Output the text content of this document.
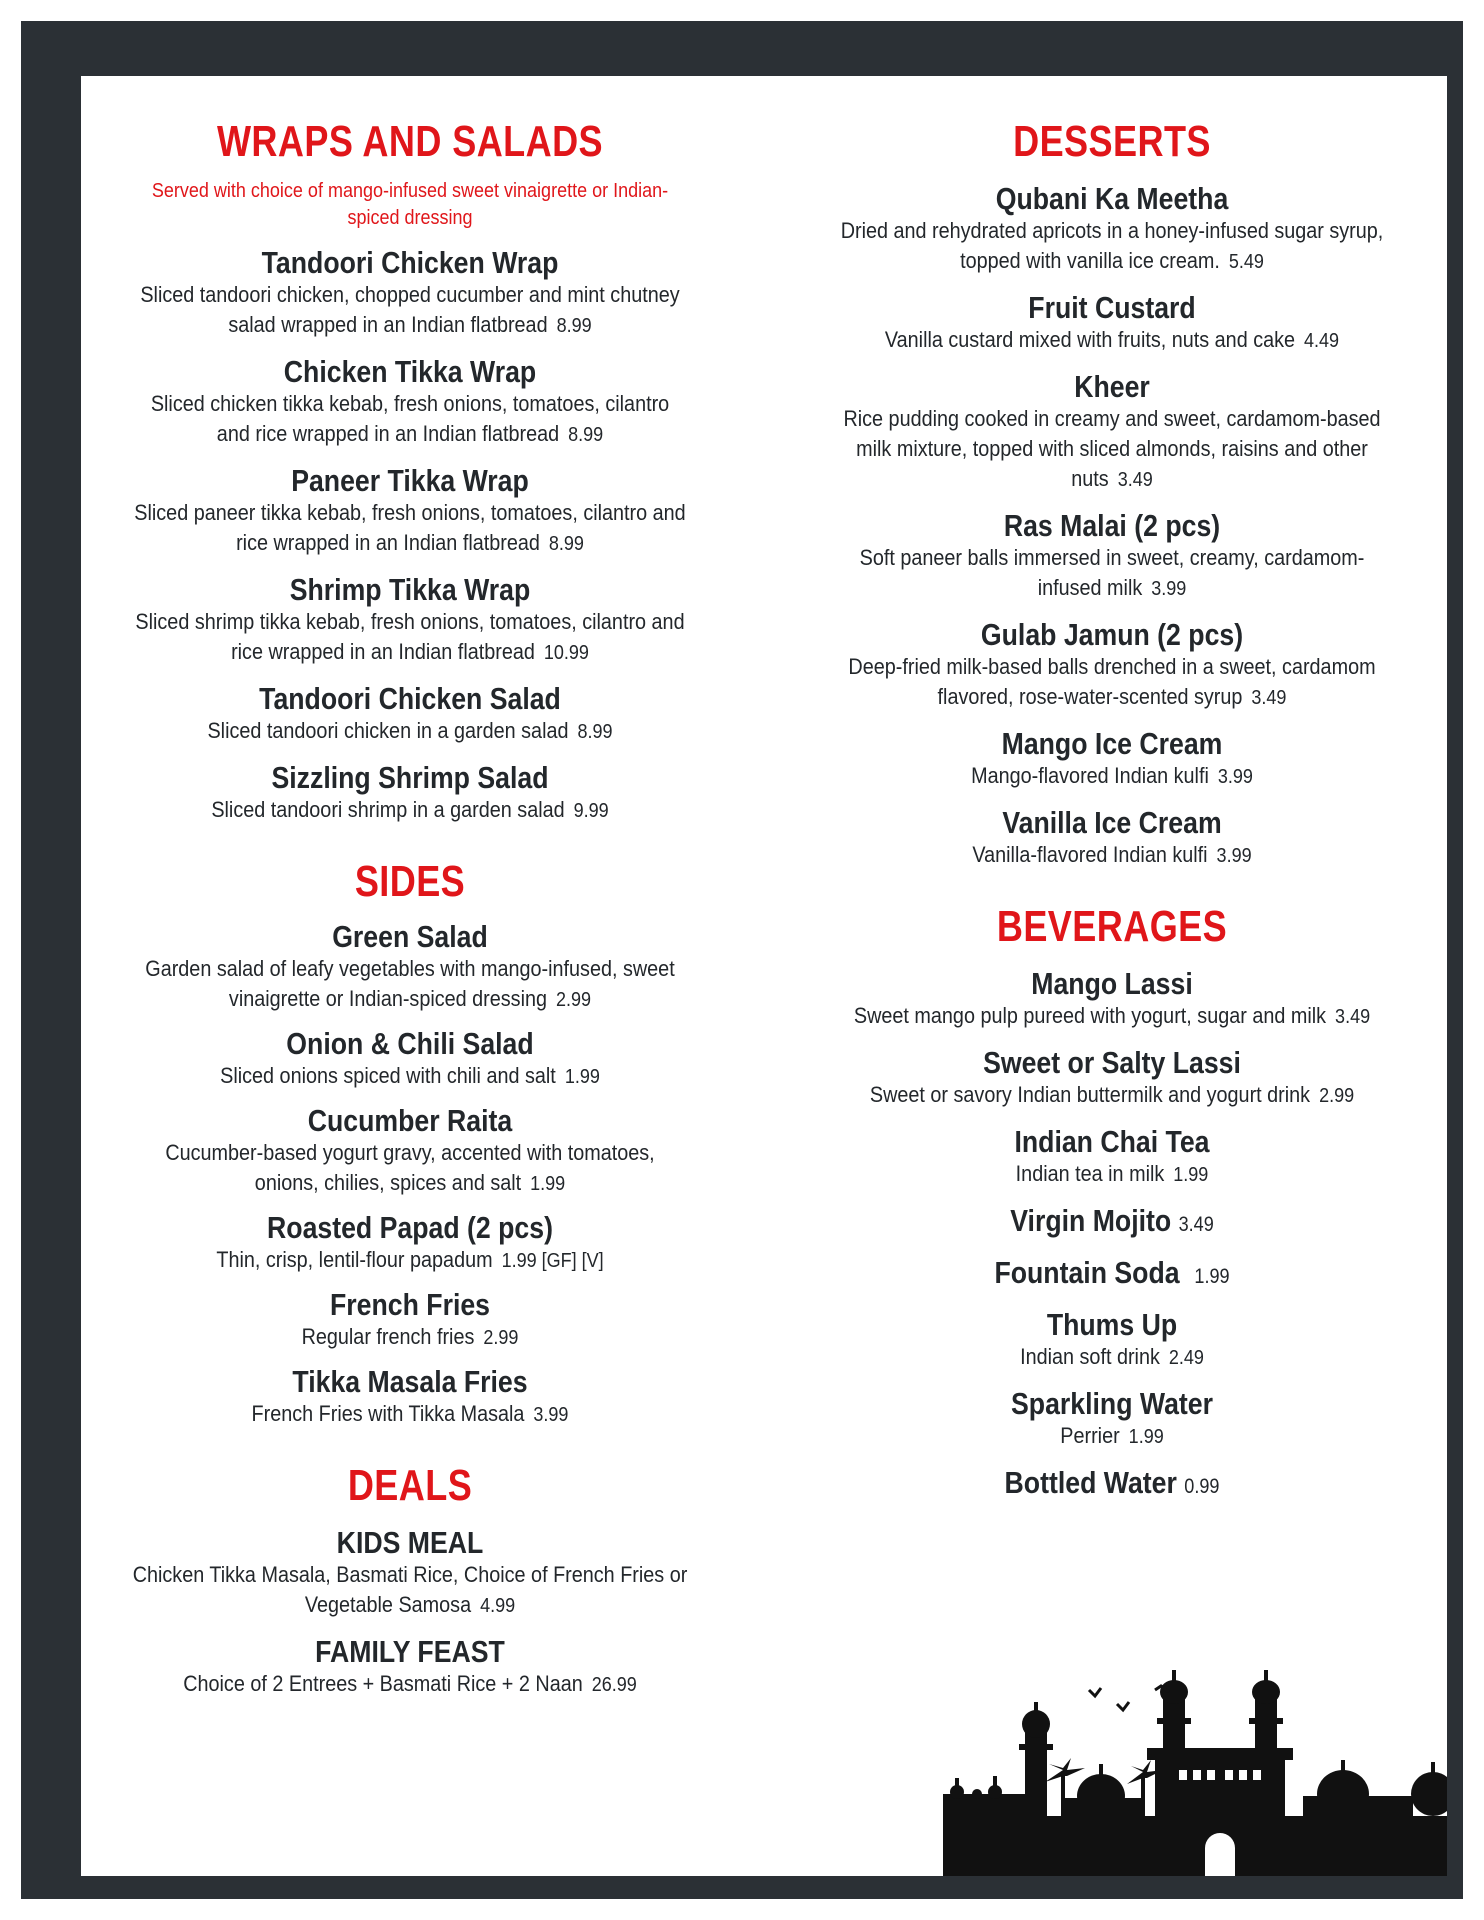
WRAPS AND SALADS
Served with choice of mango-infused sweet vinaigrette or Indian-spiced dressing
Tandoori Chicken Wrap
Sliced tandoori chicken, chopped cucumber and mint chutney salad wrapped in an Indian flatbread 8.99
Chicken Tikka Wrap
Sliced chicken tikka kebab, fresh onions, tomatoes, cilantro and rice wrapped in an Indian flatbread 8.99
Paneer Tikka Wrap
Sliced paneer tikka kebab, fresh onions, tomatoes, cilantro and rice wrapped in an Indian flatbread 8.99
Shrimp Tikka Wrap
Sliced shrimp tikka kebab, fresh onions, tomatoes, cilantro and rice wrapped in an Indian flatbread 10.99
Tandoori Chicken Salad
Sliced tandoori chicken in a garden salad 8.99
Sizzling Shrimp Salad
Sliced tandoori shrimp in a garden salad 9.99
SIDES
Green Salad
Garden salad of leafy vegetables with mango-infused, sweet vinaigrette or Indian-spiced dressing 2.99
Onion & Chili Salad
Sliced onions spiced with chili and salt 1.99
Cucumber Raita
Cucumber-based yogurt gravy, accented with tomatoes, onions, chilies, spices and salt 1.99
Roasted Papad (2 pcs)
Thin, crisp, lentil-flour papadum 1.99 [GF] [V]
French Fries
Regular french fries 2.99
Tikka Masala Fries
French Fries with Tikka Masala 3.99
DEALS
KIDS MEAL
Chicken Tikka Masala, Basmati Rice, Choice of French Fries or Vegetable Samosa 4.99
FAMILY FEAST
Choice of 2 Entrees + Basmati Rice + 2 Naan 26.99
DESSERTS
Qubani Ka Meetha
Dried and rehydrated apricots in a honey-infused sugar syrup, topped with vanilla ice cream. 5.49
Fruit Custard
Vanilla custard mixed with fruits, nuts and cake 4.49
Kheer
Rice pudding cooked in creamy and sweet, cardamom-based milk mixture, topped with sliced almonds, raisins and other nuts 3.49
Ras Malai (2 pcs)
Soft paneer balls immersed in sweet, creamy, cardamom-infused milk 3.99
Gulab Jamun (2 pcs)
Deep-fried milk-based balls drenched in a sweet, cardamom flavored, rose-water-scented syrup 3.49
Mango Ice Cream
Mango-flavored Indian kulfi 3.99
Vanilla Ice Cream
Vanilla-flavored Indian kulfi 3.99
BEVERAGES
Mango Lassi
Sweet mango pulp pureed with yogurt, sugar and milk 3.49
Sweet or Salty Lassi
Sweet or savory Indian buttermilk and yogurt drink 2.99
Indian Chai Tea
Indian tea in milk 1.99
Virgin Mojito 3.49
Fountain Soda 1.99
Thums Up
Indian soft drink 2.49
Sparkling Water
Perrier 1.99
Bottled Water 0.99
